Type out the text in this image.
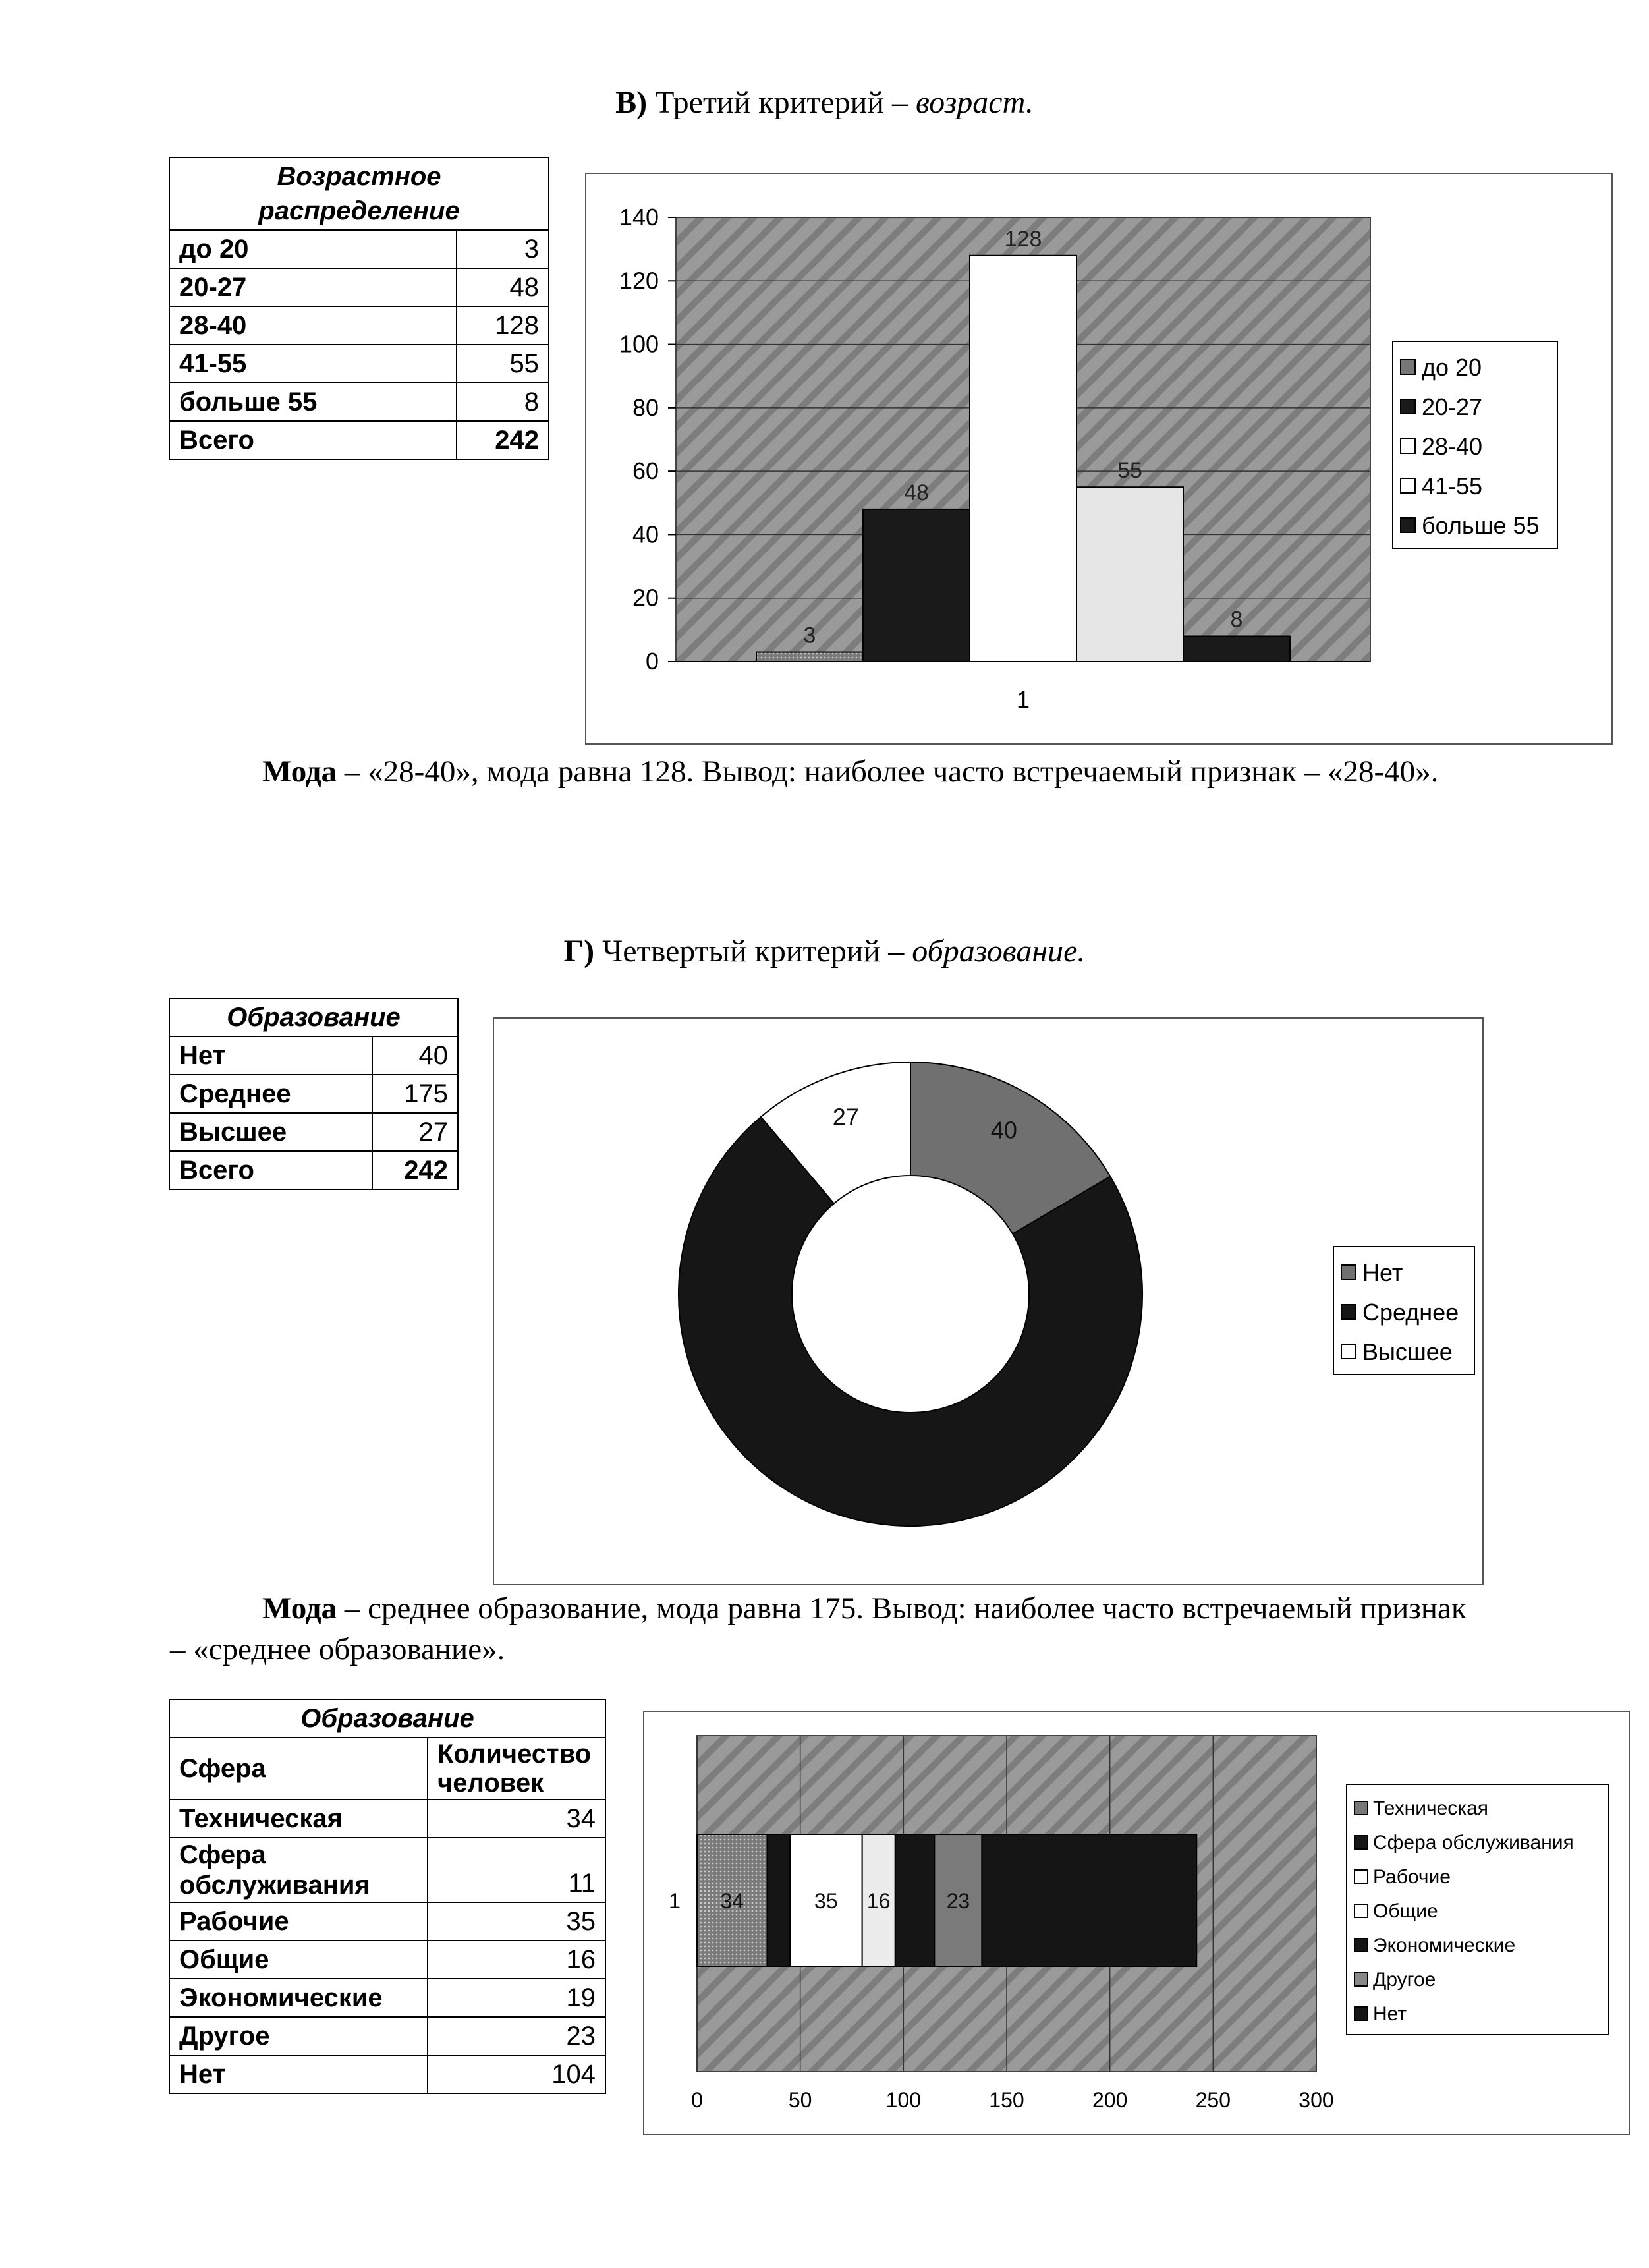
В) Третий критерий – возраст.
Возрастное
распределение	

до 20	3
20-27	48
28-40	128
41-55	55
больше 55	8
Всего	242
0
20
40
60
80
100
120
140
3
48
128
55
8
1
до 20
20-27
28-40
41-55
больше 55
Мода – «28-40», мода равна 128. Вывод: наиболее часто встречаемый признак – «28-40».
Г) Четвертый критерий – образование.
Образование	
Нет	40
Среднее	175
Высшее	27
Всего	242
40
27
Нет
Среднее
Высшее
Мода – среднее образование, мода равна 175. Вывод: наиболее часто встречаемый признак – «среднее образование».
Образование	
Сфера	Количество человек
Техническая	34
Сфера обслуживания	11
Рабочие	35
Общие	16
Экономические	19
Другое	23
Нет	104
0	50	100	150	200	250	300
34	35 16	23
1
Техническая
Сфера обслуживания
Рабочие
Общие
Экономические
Другое
Нет
